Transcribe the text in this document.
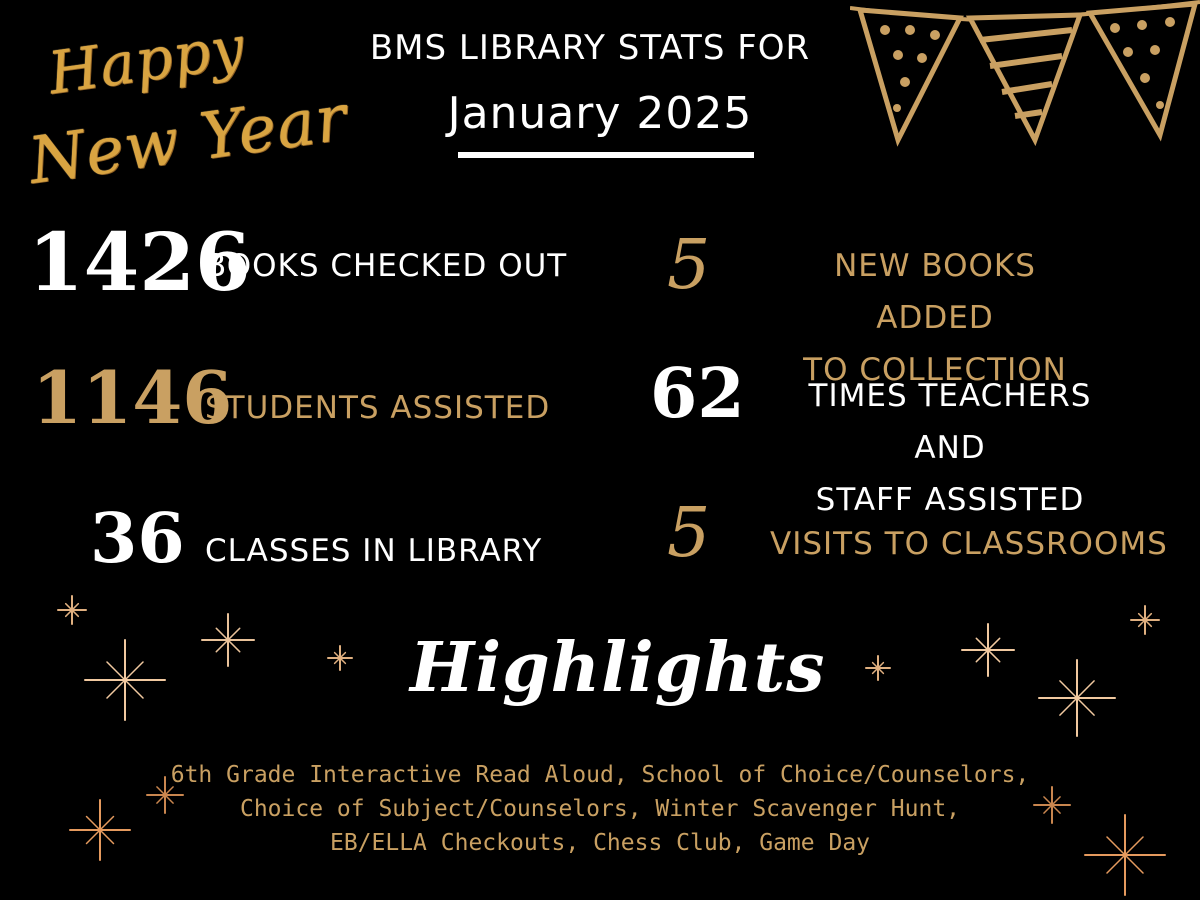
Happy
New Year
BMS LIBRARY STATS FOR
January 2025
1426
BOOKS CHECKED OUT
1146
STUDENTS ASSISTED
36 CLASSES IN LIBRARY
5	NEW BOOKS ADDED
TO COLLECTION
62	TIMES TEACHERS AND
STAFF ASSISTED
5 VISITS TO CLASSROOMS
Highlights
6th Grade Interactive Read Aloud, School of Choice/Counselors,
Choice of Subject/Counselors, Winter Scavenger Hunt,
EB/ELLA Checkouts, Chess Club, Game Day
